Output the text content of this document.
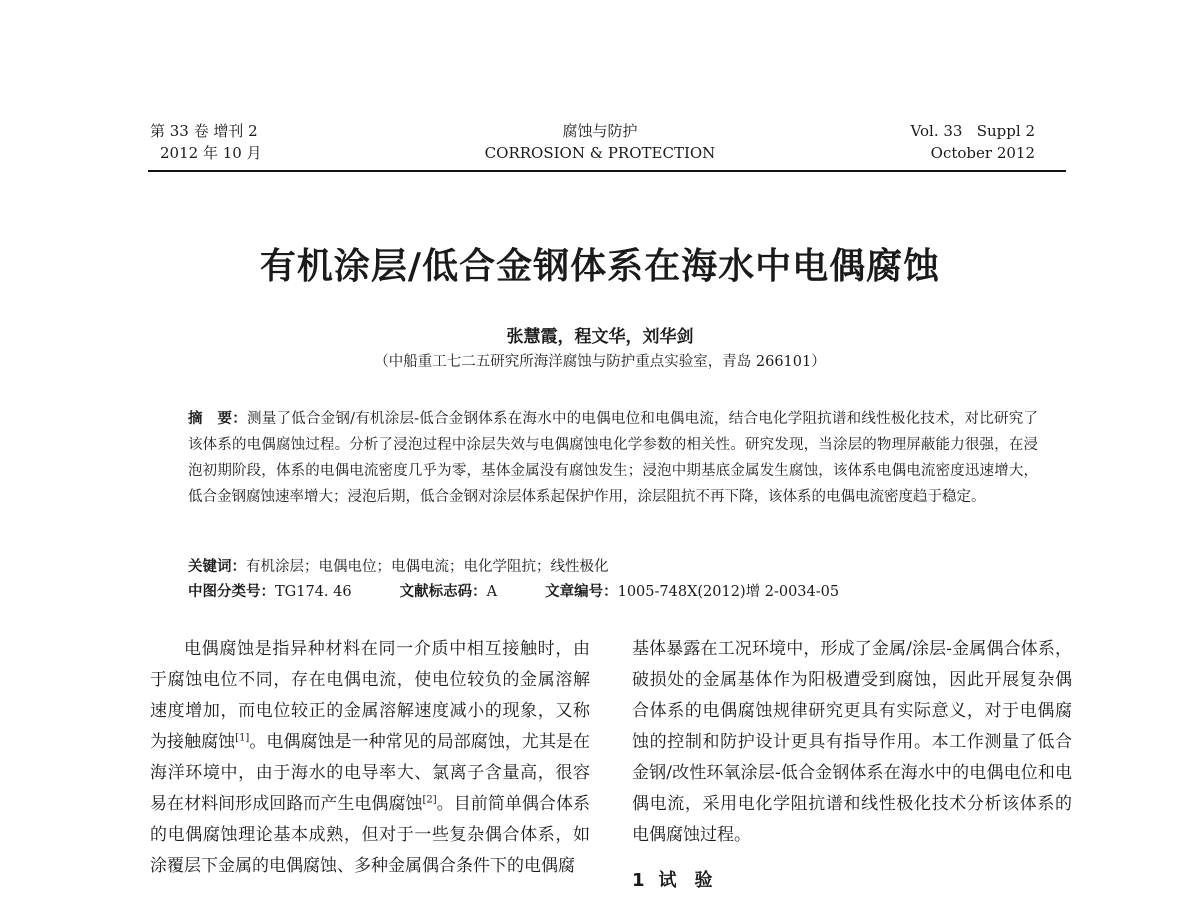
第 33 卷 增刊 2
2012 年 10 月
腐蚀与防护
CORROSION & PROTECTION
Vol. 33   Suppl 2
October 2012
有机涂层/低合金钢体系在海水中电偶腐蚀
张慧霞，程文华，刘华剑
（中船重工七二五研究所海洋腐蚀与防护重点实验室，青岛 266101）
摘　要：测量了低合金钢/有机涂层-低合金钢体系在海水中的电偶电位和电偶电流，结合电化学阻抗谱和线性极化技术，对比研究了该体系的电偶腐蚀过程。分析了浸泡过程中涂层失效与电偶腐蚀电化学参数的相关性。研究发现，当涂层的物理屏蔽能力很强，在浸泡初期阶段，体系的电偶电流密度几乎为零，基体金属没有腐蚀发生；浸泡中期基底金属发生腐蚀，该体系电偶电流密度迅速增大，低合金钢腐蚀速率增大；浸泡后期，低合金钢对涂层体系起保护作用，涂层阻抗不再下降，该体系的电偶电流密度趋于稳定。
关键词：有机涂层；电偶电位；电偶电流；电化学阻抗；线性极化
中图分类号：TG174. 46	文献标志码：A	文章编号：1005-748X(2012)增 2-0034-05

电偶腐蚀是指异种材料在同一介质中相互接触时，由于腐蚀电位不同，存在电偶电流，使电位较负的金属溶解速度增加，而电位较正的金属溶解速度减小的现象，又称为接触腐蚀[1]。电偶腐蚀是一种常见的局部腐蚀，尤其是在海洋环境中，由于海水的电导率大、氯离子含量高，很容易在材料间形成回路而产生电偶腐蚀[2]。目前简单偶合体系的电偶腐蚀理论基本成熟，但对于一些复杂偶合体系，如涂覆层下金属的电偶腐蚀、多种金属偶合条件下的电偶腐

基体暴露在工况环境中，形成了金属/涂层-金属偶合体系，破损处的金属基体作为阳极遭受到腐蚀，因此开展复杂偶合体系的电偶腐蚀规律研究更具有实际意义，对于电偶腐蚀的控制和防护设计更具有指导作用。本工作测量了低合金钢/改性环氧涂层-低合金钢体系在海水中的电偶电位和电偶电流，采用电化学阻抗谱和线性极化技术分析该体系的电偶腐蚀过程。

1 试　验
